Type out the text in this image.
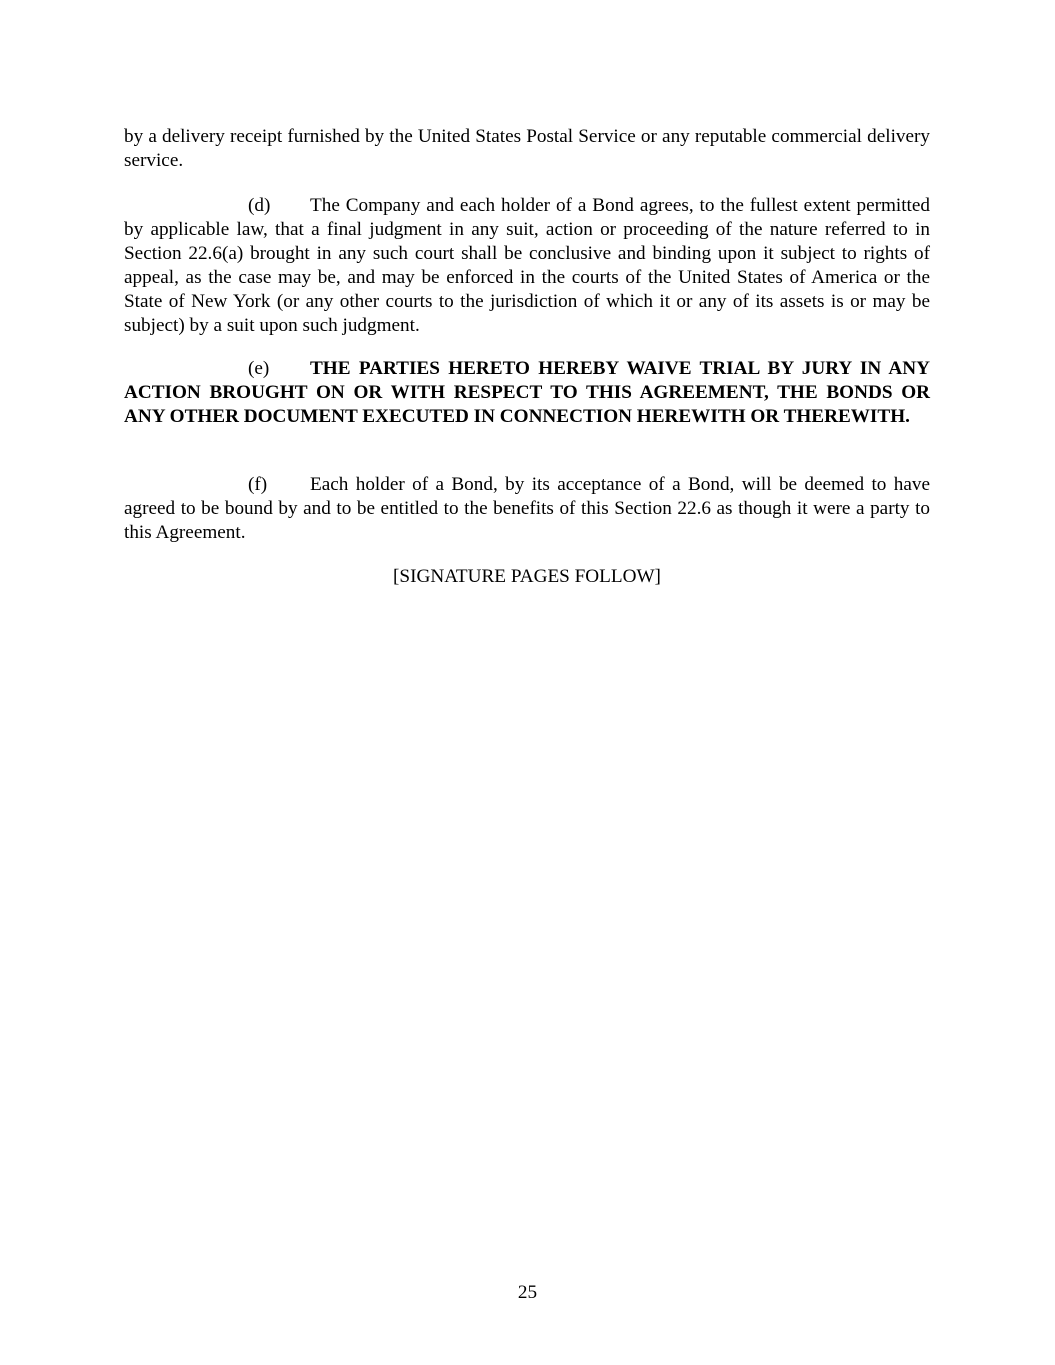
by a delivery receipt furnished by the United States Postal Service or any reputable commercial delivery service.

(d) The Company and each holder of a Bond agrees, to the fullest extent permitted by applicable law, that a final judgment in any suit, action or proceeding of the nature referred to in Section 22.6(a) brought in any such court shall be conclusive and binding upon it subject to rights of appeal, as the case may be, and may be enforced in the courts of the United States of America or the State of New York (or any other courts to the jurisdiction of which it or any of its assets is or may be subject) by a suit upon such judgment.

(e) THE PARTIES HERETO HEREBY WAIVE TRIAL BY JURY IN ANY ACTION BROUGHT ON OR WITH RESPECT TO THIS AGREEMENT, THE BONDS OR ANY OTHER DOCUMENT EXECUTED IN CONNECTION HEREWITH OR THEREWITH.

(f) Each holder of a Bond, by its acceptance of a Bond, will be deemed to have agreed to be bound by and to be entitled to the benefits of this Section 22.6 as though it were a party to this Agreement.

[SIGNATURE PAGES FOLLOW]

25
